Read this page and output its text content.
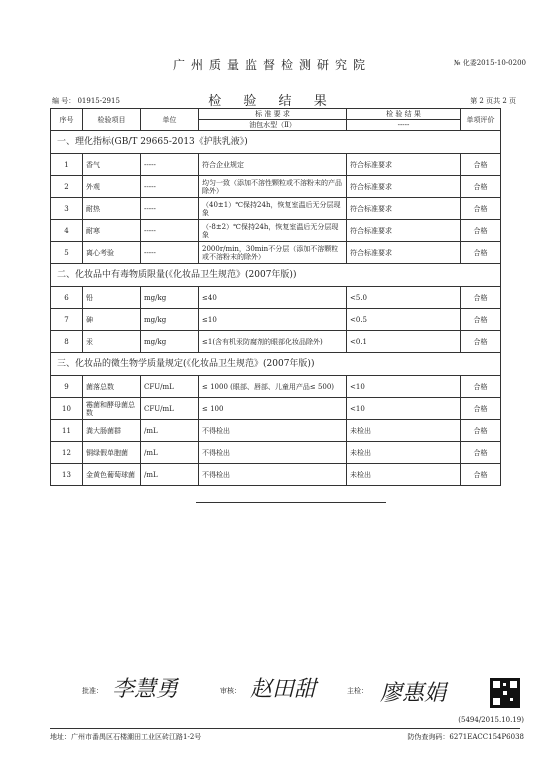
广州质量监督检测研究院	№ 化委2015-10-0200
编 号： 01915-2915	检 验 结 果	第 2 页共 2 页
序号	检验项目	单位	标 准 要 求	检 验 结 果	单项评价
			油包水型（Ⅱ）	-----	
一、理化指标(GB/T 29665-2013《护肤乳液》)					
1	香气	-----	符合企业规定	符合标准要求	合格
2	外观	-----	均匀一致（添加不溶性颗粒或不溶粉末的产品除外）	符合标准要求	合格
3	耐热	-----	（40±1）℃保持24h，恢复室温后无分层现象	符合标准要求	合格
4	耐寒	-----	（-8±2）℃保持24h，恢复室温后无分层现象	符合标准要求	合格
5	离心考验	-----	2000r/min，30min不分层（添加不溶颗粒或不溶粉末的除外）	符合标准要求	合格
二、化妆品中有毒物质限量(《化妆品卫生规范》(2007年版))					
6	铅	mg/kg	≤40	<5.0	合格
7	砷	mg/kg	≤10	<0.5	合格
8	汞	mg/kg	≤1(含有机汞防腐剂的眼部化妆品除外)	<0.1	合格
三、化妆品的微生物学质量规定(《化妆品卫生规范》(2007年版))					
9	菌落总数	CFU/mL	≤ 1000 (眼部、唇部、儿童用产品≤ 500)	<10	合格
10	霉菌和酵母菌总数	CFU/mL	≤ 100	<10	合格
11	粪大肠菌群	/mL	不得检出	未检出	合格
12	铜绿假单胞菌	/mL	不得检出	未检出	合格
13	金黄色葡萄球菌	/mL	不得检出	未检出	合格
批准： 李慧勇	审核： 赵田甜	主检： 廖惠娟
(5494/2015.10.19)
地址：广州市番禺区石楼潮田工业区砖江路1-2号	防伪查询码：6271EACC154P6038
